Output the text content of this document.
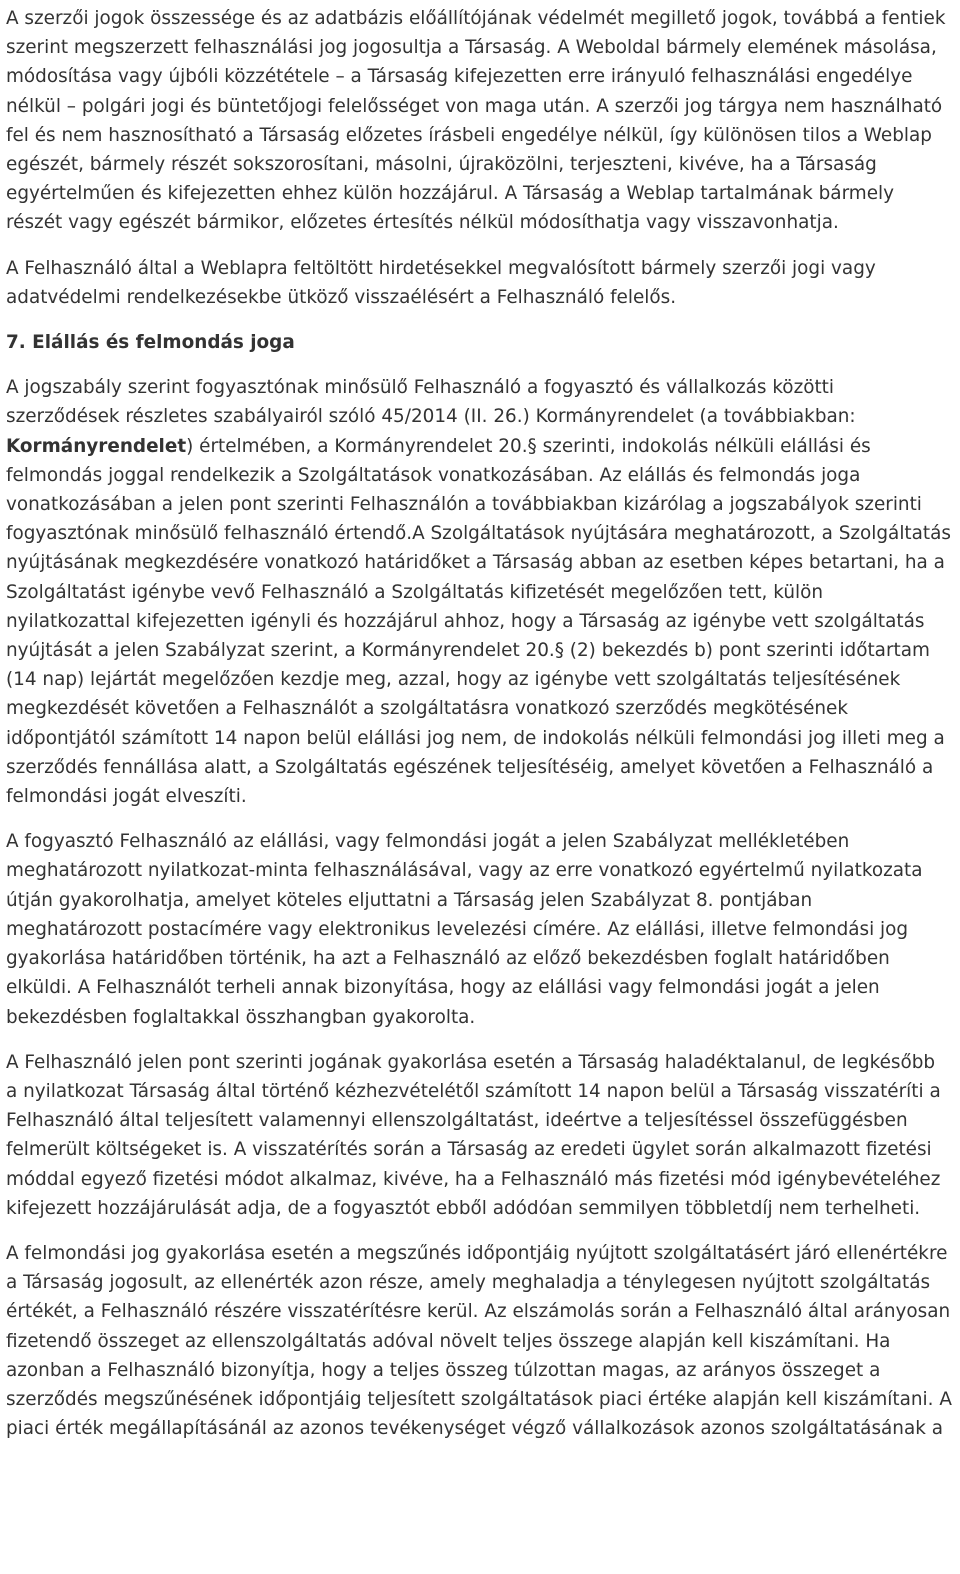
A szerzői jogok összessége és az adatbázis előállítójának védelmét megillető jogok, továbbá a fentiek szerint megszerzett felhasználási jog jogosultja a Társaság. A Weboldal bármely elemének másolása, módosítása vagy újbóli közzététele – a Társaság kifejezetten erre irányuló felhasználási engedélye nélkül – polgári jogi és büntetőjogi felelősséget von maga után. A szerzői jog tárgya nem használható fel és nem hasznosítható a Társaság előzetes írásbeli engedélye nélkül, így különösen tilos a Weblap egészét, bármely részét sokszorosítani, másolni, újraközölni, terjeszteni, kivéve, ha a Társaság egyértelműen és kifejezetten ehhez külön hozzájárul. A Társaság a Weblap tartalmának bármely részét vagy egészét bármikor, előzetes értesítés nélkül módosíthatja vagy visszavonhatja.

A Felhasználó által a Weblapra feltöltött hirdetésekkel megvalósított bármely szerzői jogi vagy adatvédelmi rendelkezésekbe ütköző visszaélésért a Felhasználó felelős.

7. Elállás és felmondás joga

A jogszabály szerint fogyasztónak minősülő Felhasználó a fogyasztó és vállalkozás közötti szerződések részletes szabályairól szóló 45/2014 (II. 26.) Kormányrendelet (a továbbiakban: Kormányrendelet) értelmében, a Kormányrendelet 20.§ szerinti, indokolás nélküli elállási és felmondás joggal rendelkezik a Szolgáltatások vonatkozásában. Az elállás és felmondás joga vonatkozásában a jelen pont szerinti Felhasználón a továbbiakban kizárólag a jogszabályok szerinti fogyasztónak minősülő felhasználó értendő.A Szolgáltatások nyújtására meghatározott, a Szolgáltatás nyújtásának megkezdésére vonatkozó határidőket a Társaság abban az esetben képes betartani, ha a Szolgáltatást igénybe vevő Felhasználó a Szolgáltatás kifizetését megelőzően tett, külön nyilatkozattal kifejezetten igényli és hozzájárul ahhoz, hogy a Társaság az igénybe vett szolgáltatás nyújtását a jelen Szabályzat szerint, a Kormányrendelet 20.§ (2) bekezdés b) pont szerinti időtartam (14 nap) lejártát megelőzően kezdje meg, azzal, hogy az igénybe vett szolgáltatás teljesítésének megkezdését követően a Felhasználót a szolgáltatásra vonatkozó szerződés megkötésének időpontjától számított 14 napon belül elállási jog nem, de indokolás nélküli felmondási jog illeti meg a szerződés fennállása alatt, a Szolgáltatás egészének teljesítéséig, amelyet követően a Felhasználó a felmondási jogát elveszíti.

A fogyasztó Felhasználó az elállási, vagy felmondási jogát a jelen Szabályzat mellékletében meghatározott nyilatkozat-minta felhasználásával, vagy az erre vonatkozó egyértelmű nyilatkozata útján gyakorolhatja, amelyet köteles eljuttatni a Társaság jelen Szabályzat 8. pontjában meghatározott postacímére vagy elektronikus levelezési címére. Az elállási, illetve felmondási jog gyakorlása határidőben történik, ha azt a Felhasználó az előző bekezdésben foglalt határidőben elküldi. A Felhasználót terheli annak bizonyítása, hogy az elállási vagy felmondási jogát a jelen bekezdésben foglaltakkal összhangban gyakorolta.

A Felhasználó jelen pont szerinti jogának gyakorlása esetén a Társaság haladéktalanul, de legkésőbb a nyilatkozat Társaság által történő kézhezvételétől számított 14 napon belül a Társaság visszatéríti a Felhasználó által teljesített valamennyi ellenszolgáltatást, ideértve a teljesítéssel összefüggésben felmerült költségeket is. A visszatérítés során a Társaság az eredeti ügylet során alkalmazott fizetési móddal egyező fizetési módot alkalmaz, kivéve, ha a Felhasználó más fizetési mód igénybevételéhez kifejezett hozzájárulását adja, de a fogyasztót ebből adódóan semmilyen többletdíj nem terhelheti.

A felmondási jog gyakorlása esetén a megszűnés időpontjáig nyújtott szolgáltatásért járó ellenértékre a Társaság jogosult, az ellenérték azon része, amely meghaladja a ténylegesen nyújtott szolgáltatás értékét, a Felhasználó részére visszatérítésre kerül. Az elszámolás során a Felhasználó által arányosan fizetendő összeget az ellenszolgáltatás adóval növelt teljes összege alapján kell kiszámítani. Ha azonban a Felhasználó bizonyítja, hogy a teljes összeg túlzottan magas, az arányos összeget a szerződés megszűnésének időpontjáig teljesített szolgáltatások piaci értéke alapján kell kiszámítani. A piaci érték megállapításánál az azonos tevékenységet végző vállalkozások azonos szolgáltatásának a
